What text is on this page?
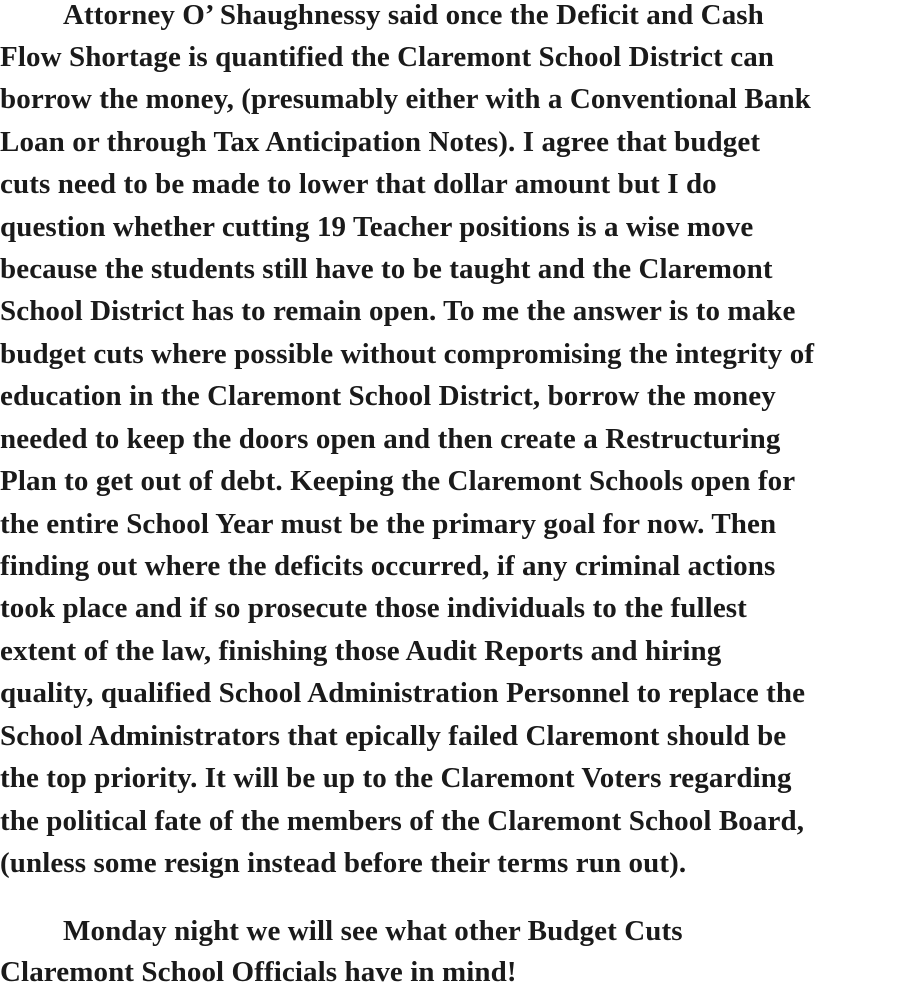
Attorney O’ Shaughnessy said once the Deficit and Cash
Flow Shortage is quantified the Claremont School District can
borrow the money, (presumably either with a Conventional Bank
Loan or through Tax Anticipation Notes). I agree that budget
cuts need to be made to lower that dollar amount but I do
question whether cutting 19 Teacher positions is a wise move
because the students still have to be taught and the Claremont
School District has to remain open. To me the answer is to make
budget cuts where possible without compromising the integrity of
education in the Claremont School District, borrow the money
needed to keep the doors open and then create a Restructuring
Plan to get out of debt. Keeping the Claremont Schools open for
the entire School Year must be the primary goal for now. Then
finding out where the deficits occurred, if any criminal actions
took place and if so prosecute those individuals to the fullest
extent of the law, finishing those Audit Reports and hiring
quality, qualified School Administration Personnel to replace the
School Administrators that epically failed Claremont should be
the top priority. It will be up to the Claremont Voters regarding
the political fate of the members of the Claremont School Board,
(unless some resign instead before their terms run out).
Monday night we will see what other Budget Cuts
Claremont School Officials have in mind!
